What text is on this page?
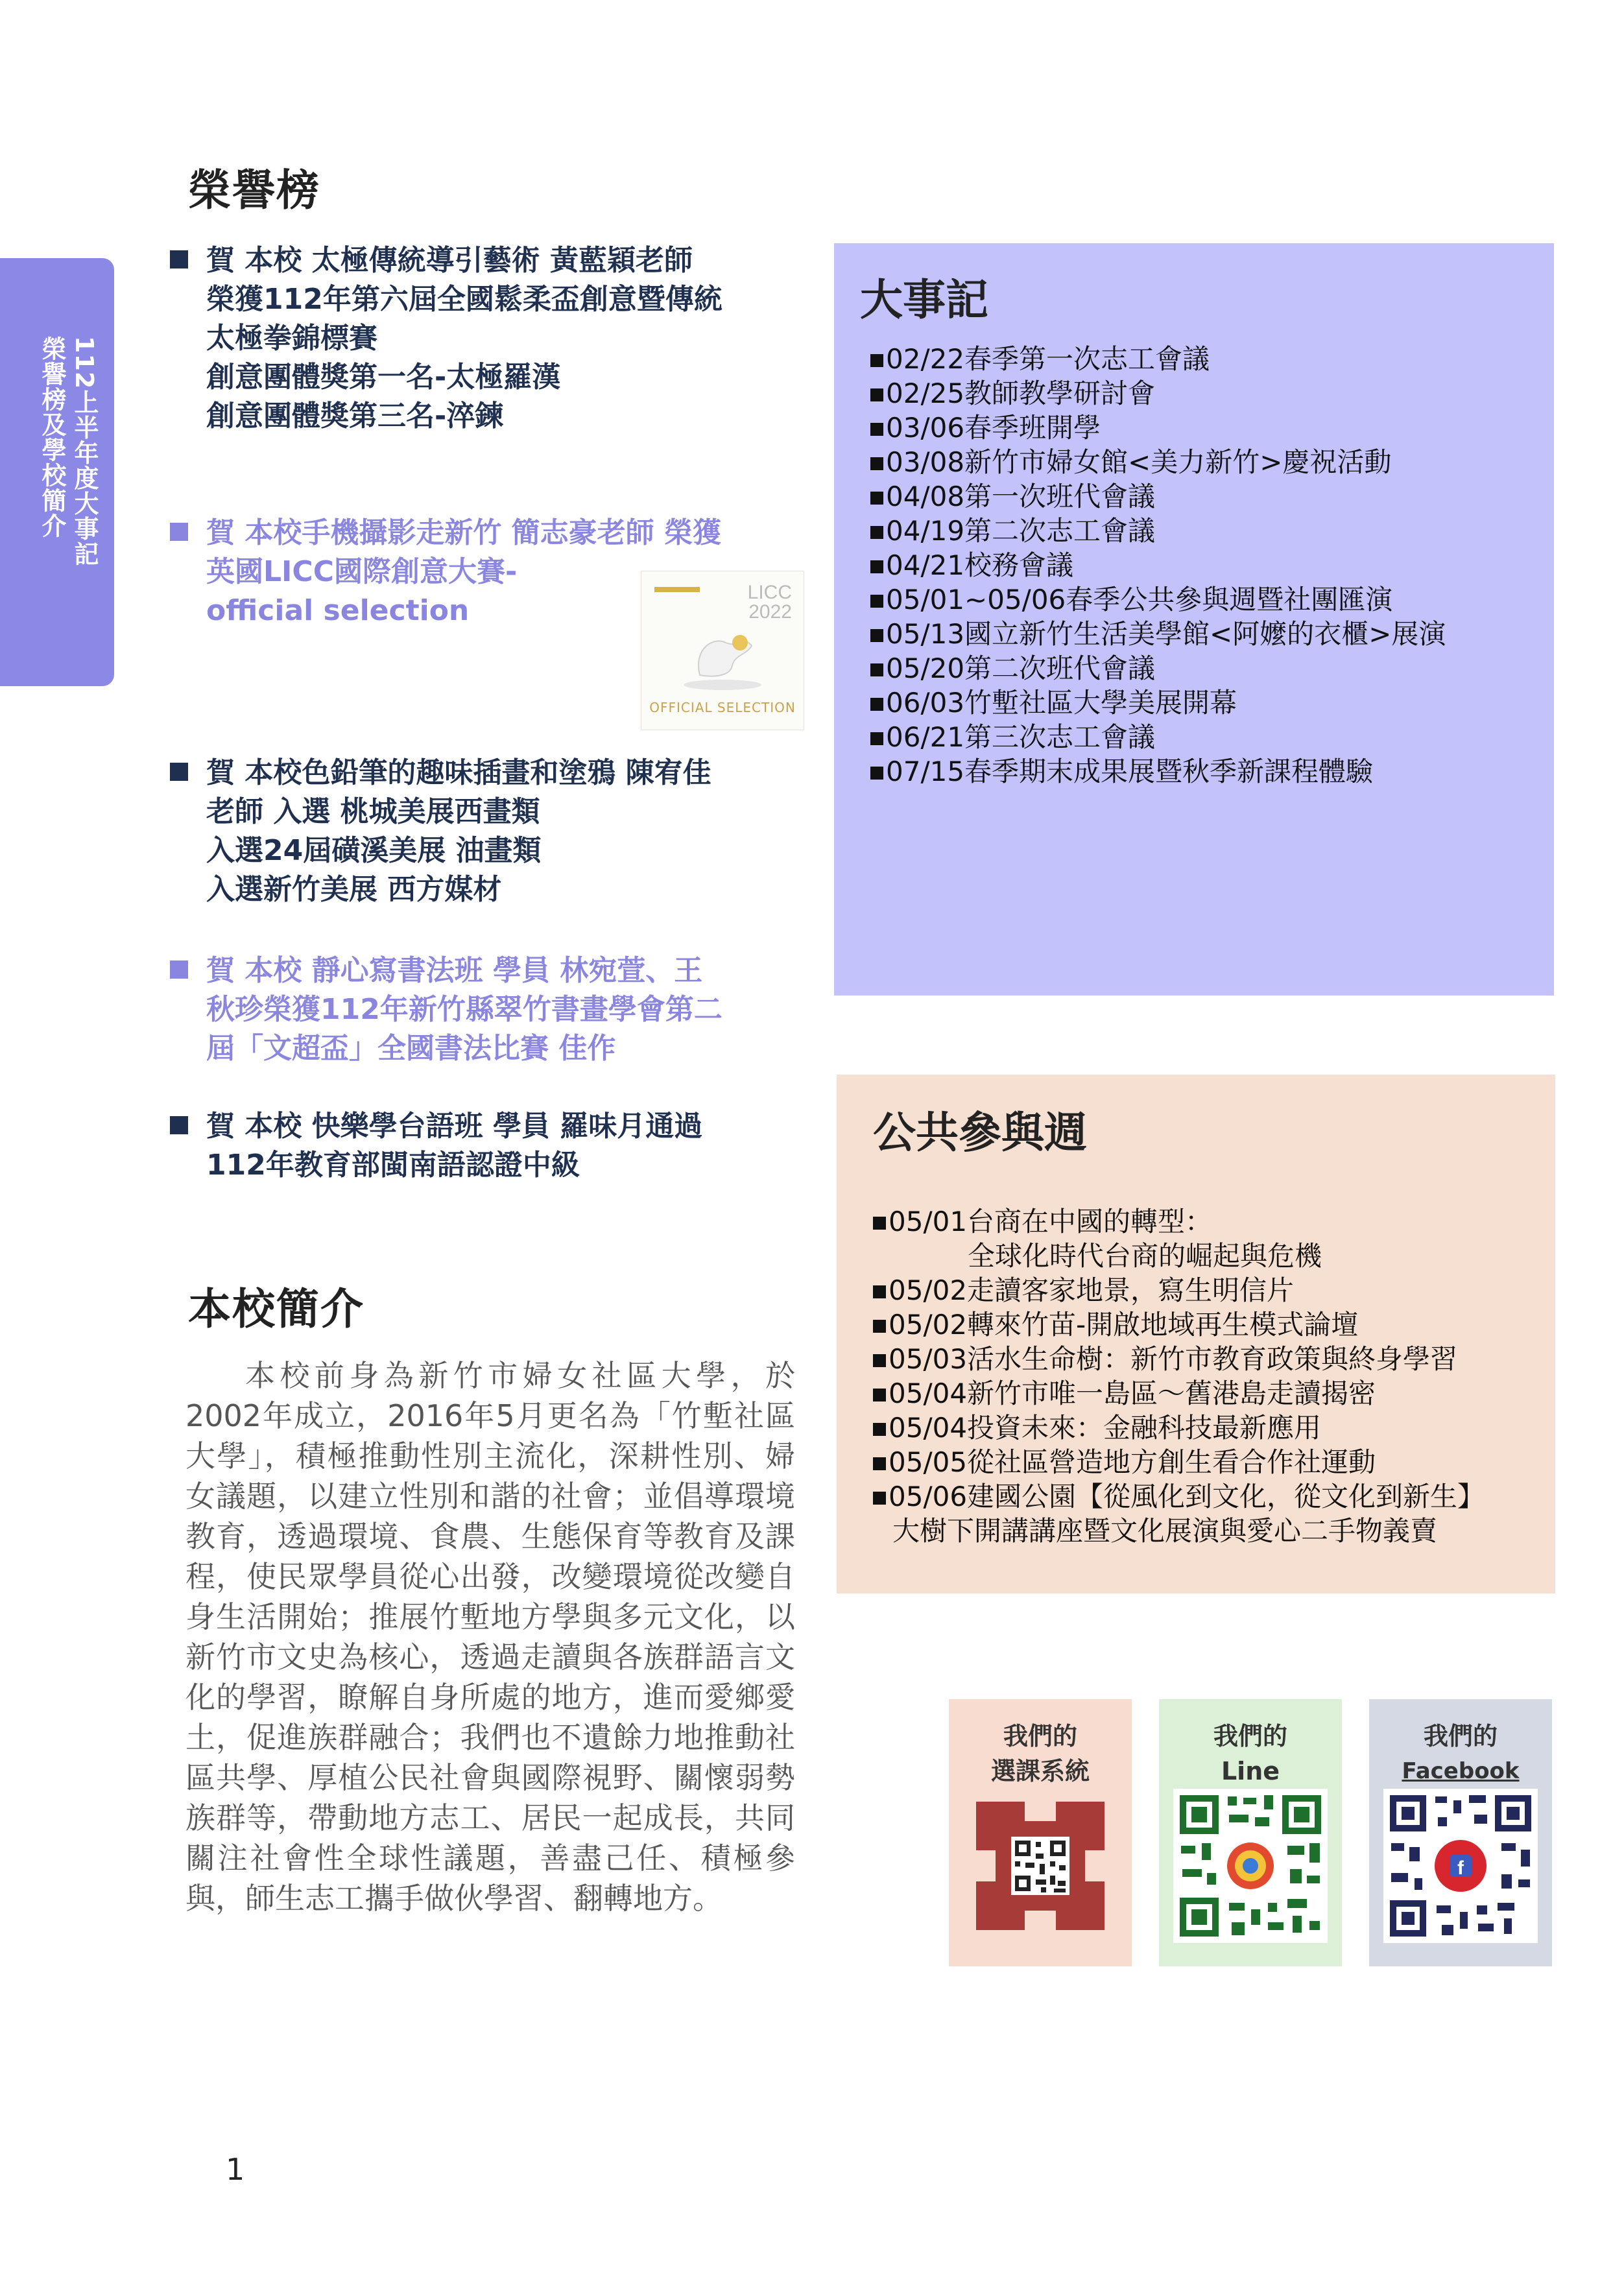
112上半年度大事記
榮譽榜及學校簡介
榮譽榜
賀 本校 太極傳統導引藝術 黃藍穎老師
榮獲112年第六屆全國鬆柔盃創意暨傳統
太極拳錦標賽
創意團體獎第一名-太極羅漢
創意團體獎第三名-淬鍊
賀 本校手機攝影走新竹 簡志豪老師 榮獲
英國LICC國際創意大賽-
official selection
賀 本校色鉛筆的趣味插畫和塗鴉 陳宥佳
老師 入選 桃城美展西畫類
入選24屆磺溪美展 油畫類
入選新竹美展 西方媒材
賀 本校 靜心寫書法班 學員 林宛萱、王
秋珍榮獲112年新竹縣翠竹書畫學會第二
屆「文超盃」全國書法比賽 佳作
賀 本校 快樂學台語班 學員 羅味月通過
112年教育部閩南語認證中級
LICC
2022
OFFICIAL SELECTION
本校簡介

本校前身為新竹市婦女社區大學，於2002年成立，2016年5月更名為「竹塹社區大學」，積極推動性別主流化，深耕性別、婦女議題，以建立性別和諧的社會；並倡導環境教育，透過環境、食農、生態保育等教育及課程，使民眾學員從心出發，改變環境從改變自身生活開始；推展竹塹地方學與多元文化，以新竹市文史為核心，透過走讀與各族群語言文化的學習，瞭解自身所處的地方，進而愛鄉愛土，促進族群融合；我們也不遺餘力地推動社區共學、厚植公民社會與國際視野、關懷弱勢族群等，帶動地方志工、居民一起成長，共同關注社會性全球性議題，善盡己任、積極參與，師生志工攜手做伙學習、翻轉地方。

大事記
02/22春季第一次志工會議
02/25教師教學研討會
03/06春季班開學
03/08新竹市婦女館<美力新竹>慶祝活動
04/08第一次班代會議
04/19第二次志工會議
04/21校務會議
05/01~05/06春季公共參與週暨社團匯演
05/13國立新竹生活美學館<阿嬤的衣櫃>展演
05/20第二次班代會議
06/03竹塹社區大學美展開幕
06/21第三次志工會議
07/15春季期末成果展暨秋季新課程體驗
公共參與週
05/01台商在中國的轉型：
全球化時代台商的崛起與危機
05/02走讀客家地景，寫生明信片
05/02轉來竹苗-開啟地域再生模式論壇
05/03活水生命樹：新竹市教育政策與終身學習
05/04新竹市唯一島區～舊港島走讀揭密
05/04投資未來：金融科技最新應用
05/05從社區營造地方創生看合作社運動
05/06建國公園【從風化到文化，從文化到新生】
大樹下開講講座暨文化展演與愛心二手物義賣
我們的
選課系統
我們的
Line
我們的
Facebook
f
1
